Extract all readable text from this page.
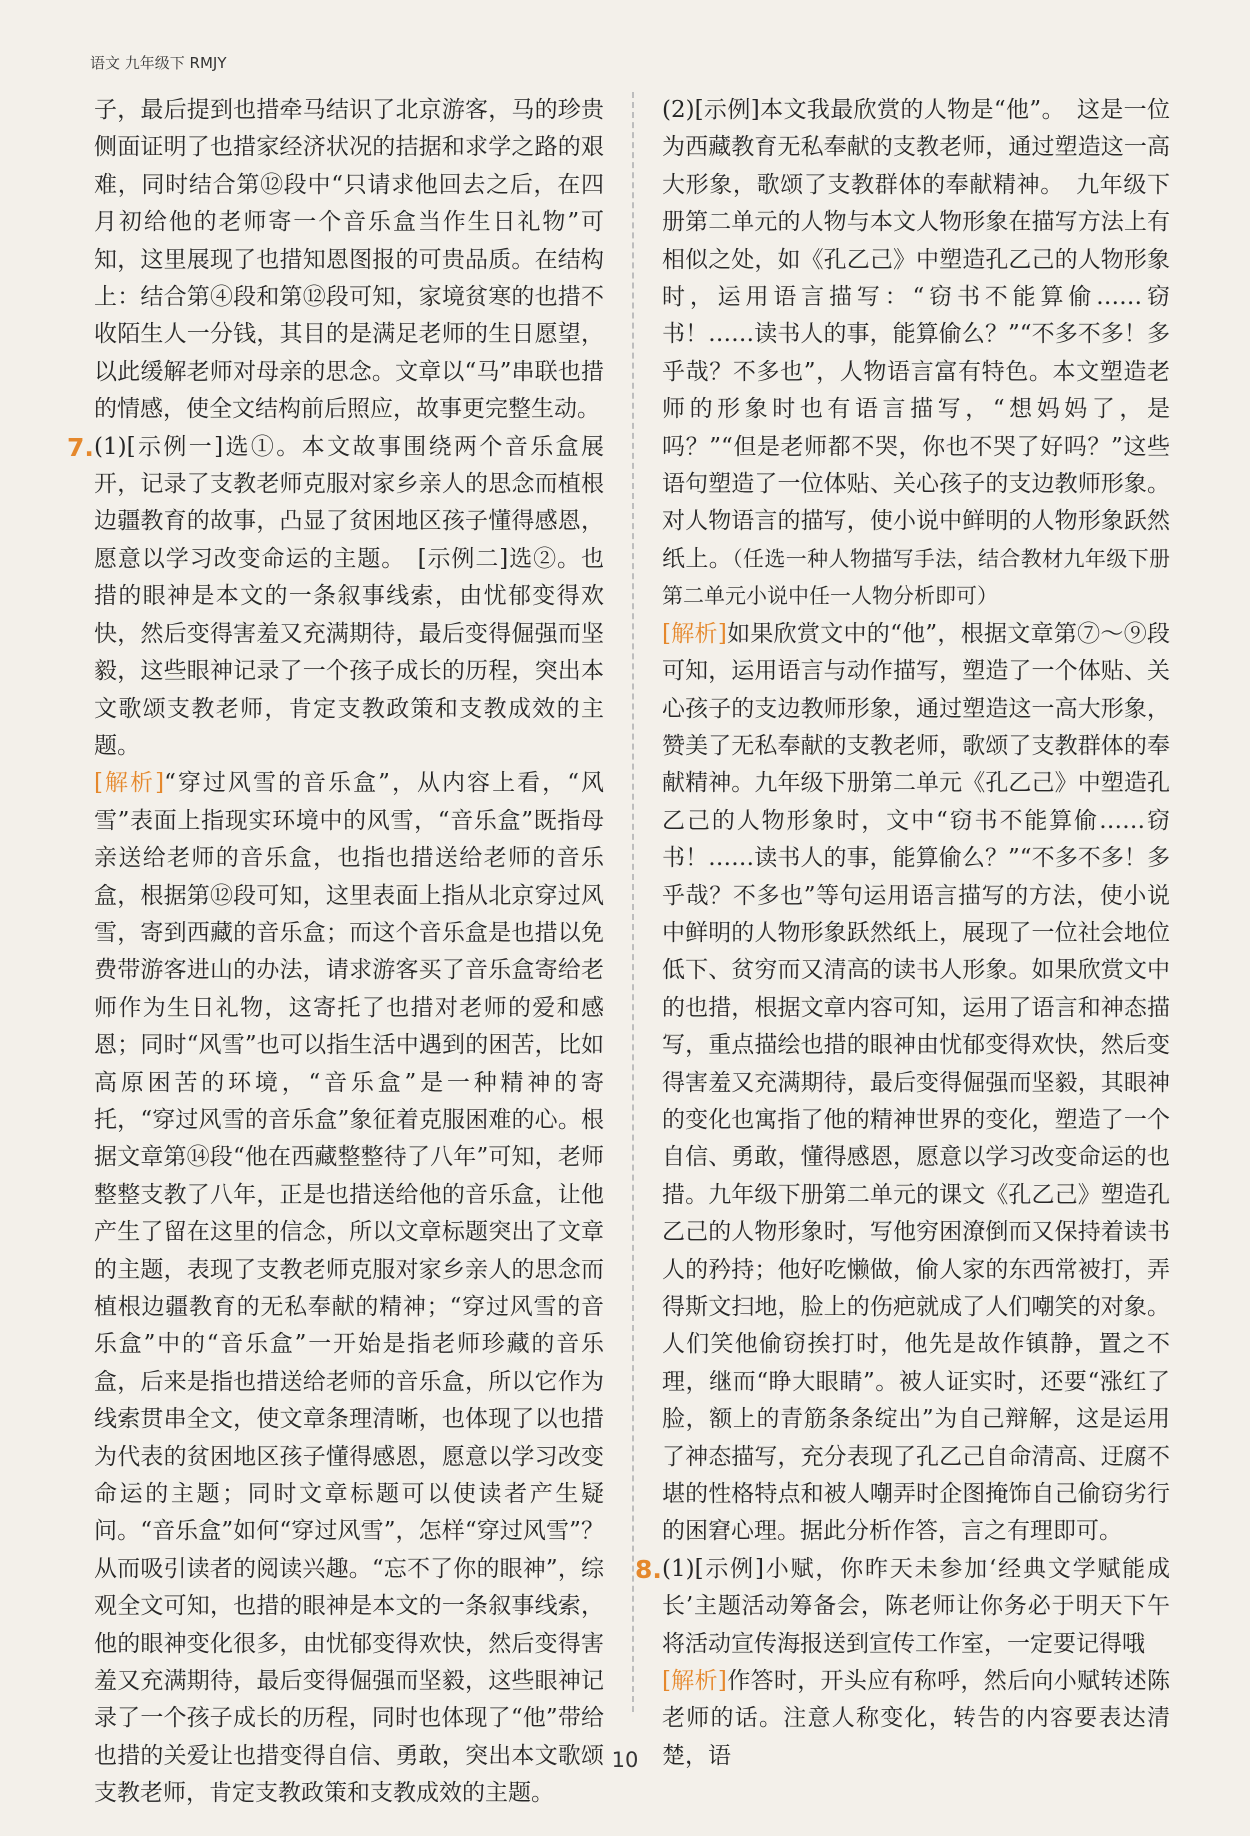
语文 九年级下 RMJY

子，最后提到也措牵马结识了北京游客，马的珍贵侧面证明了也措家经济状况的拮据和求学之路的艰难，同时结合第⑫段中“只请求他回去之后，在四月初给他的老师寄一个音乐盒当作生日礼物”可知，这里展现了也措知恩图报的可贵品质。在结构上：结合第④段和第⑫段可知，家境贫寒的也措不收陌生人一分钱，其目的是满足老师的生日愿望，以此缓解老师对母亲的思念。文章以“马”串联也措的情感，使全文结构前后照应，故事更完整生动。

7. (1)[示例一]选①。本文故事围绕两个音乐盒展开，记录了支教老师克服对家乡亲人的思念而植根边疆教育的故事，凸显了贫困地区孩子懂得感恩，愿意以学习改变命运的主题。　[示例二]选②。也措的眼神是本文的一条叙事线索，由忧郁变得欢快，然后变得害羞又充满期待，最后变得倔强而坚毅，这些眼神记录了一个孩子成长的历程，突出本文歌颂支教老师，肯定支教政策和支教成效的主题。

[解析]“穿过风雪的音乐盒”，从内容上看，“风雪”表面上指现实环境中的风雪，“音乐盒”既指母亲送给老师的音乐盒，也指也措送给老师的音乐盒，根据第⑫段可知，这里表面上指从北京穿过风雪，寄到西藏的音乐盒；而这个音乐盒是也措以免费带游客进山的办法，请求游客买了音乐盒寄给老师作为生日礼物，这寄托了也措对老师的爱和感恩；同时“风雪”也可以指生活中遇到的困苦，比如高原困苦的环境，“音乐盒”是一种精神的寄托，“穿过风雪的音乐盒”象征着克服困难的心。根据文章第⑭段“他在西藏整整待了八年”可知，老师整整支教了八年，正是也措送给他的音乐盒，让他产生了留在这里的信念，所以文章标题突出了文章的主题，表现了支教老师克服对家乡亲人的思念而植根边疆教育的无私奉献的精神；“穿过风雪的音乐盒”中的“音乐盒”一开始是指老师珍藏的音乐盒，后来是指也措送给老师的音乐盒，所以它作为线索贯串全文，使文章条理清晰，也体现了以也措为代表的贫困地区孩子懂得感恩，愿意以学习改变命运的主题；同时文章标题可以使读者产生疑问。“音乐盒”如何“穿过风雪”，怎样“穿过风雪”？从而吸引读者的阅读兴趣。“忘不了你的眼神”，综观全文可知，也措的眼神是本文的一条叙事线索，他的眼神变化很多，由忧郁变得欢快，然后变得害羞又充满期待，最后变得倔强而坚毅，这些眼神记录了一个孩子成长的历程，同时也体现了“他”带给也措的关爱让也措变得自信、勇敢，突出本文歌颂支教老师，肯定支教政策和支教成效的主题。

(2)[示例]本文我最欣赏的人物是“他”。　这是一位为西藏教育无私奉献的支教老师，通过塑造这一高大形象，歌颂了支教群体的奉献精神。　九年级下册第二单元的人物与本文人物形象在描写方法上有相似之处，如《孔乙己》中塑造孔乙己的人物形象时，运用语言描写：“窃书不能算偷……窃书！……读书人的事，能算偷么？”“不多不多！多乎哉？不多也”，人物语言富有特色。本文塑造老师的形象时也有语言描写，“想妈妈了，是吗？”“但是老师都不哭，你也不哭了好吗？”这些语句塑造了一位体贴、关心孩子的支边教师形象。对人物语言的描写，使小说中鲜明的人物形象跃然纸上。（任选一种人物描写手法，结合教材九年级下册第二单元小说中任一人物分析即可）

[解析]如果欣赏文中的“他”，根据文章第⑦～⑨段可知，运用语言与动作描写，塑造了一个体贴、关心孩子的支边教师形象，通过塑造这一高大形象，赞美了无私奉献的支教老师，歌颂了支教群体的奉献精神。九年级下册第二单元《孔乙己》中塑造孔乙己的人物形象时，文中“窃书不能算偷……窃书！……读书人的事，能算偷么？”“不多不多！多乎哉？不多也”等句运用语言描写的方法，使小说中鲜明的人物形象跃然纸上，展现了一位社会地位低下、贫穷而又清高的读书人形象。如果欣赏文中的也措，根据文章内容可知，运用了语言和神态描写，重点描绘也措的眼神由忧郁变得欢快，然后变得害羞又充满期待，最后变得倔强而坚毅，其眼神的变化也寓指了他的精神世界的变化，塑造了一个自信、勇敢，懂得感恩，愿意以学习改变命运的也措。九年级下册第二单元的课文《孔乙己》塑造孔乙己的人物形象时，写他穷困潦倒而又保持着读书人的矜持；他好吃懒做，偷人家的东西常被打，弄得斯文扫地，脸上的伤疤就成了人们嘲笑的对象。人们笑他偷窃挨打时，他先是故作镇静，置之不理，继而“睁大眼睛”。被人证实时，还要“涨红了脸，额上的青筋条条绽出”为自己辩解，这是运用了神态描写，充分表现了孔乙己自命清高、迂腐不堪的性格特点和被人嘲弄时企图掩饰自己偷窃劣行的困窘心理。据此分析作答，言之有理即可。

8. (1)[示例]小赋，你昨天未参加‘经典文学赋能成长’主题活动筹备会，陈老师让你务必于明天下午将活动宣传海报送到宣传工作室，一定要记得哦

[解析]作答时，开头应有称呼，然后向小赋转述陈老师的话。注意人称变化，转告的内容要表达清楚，语

10
